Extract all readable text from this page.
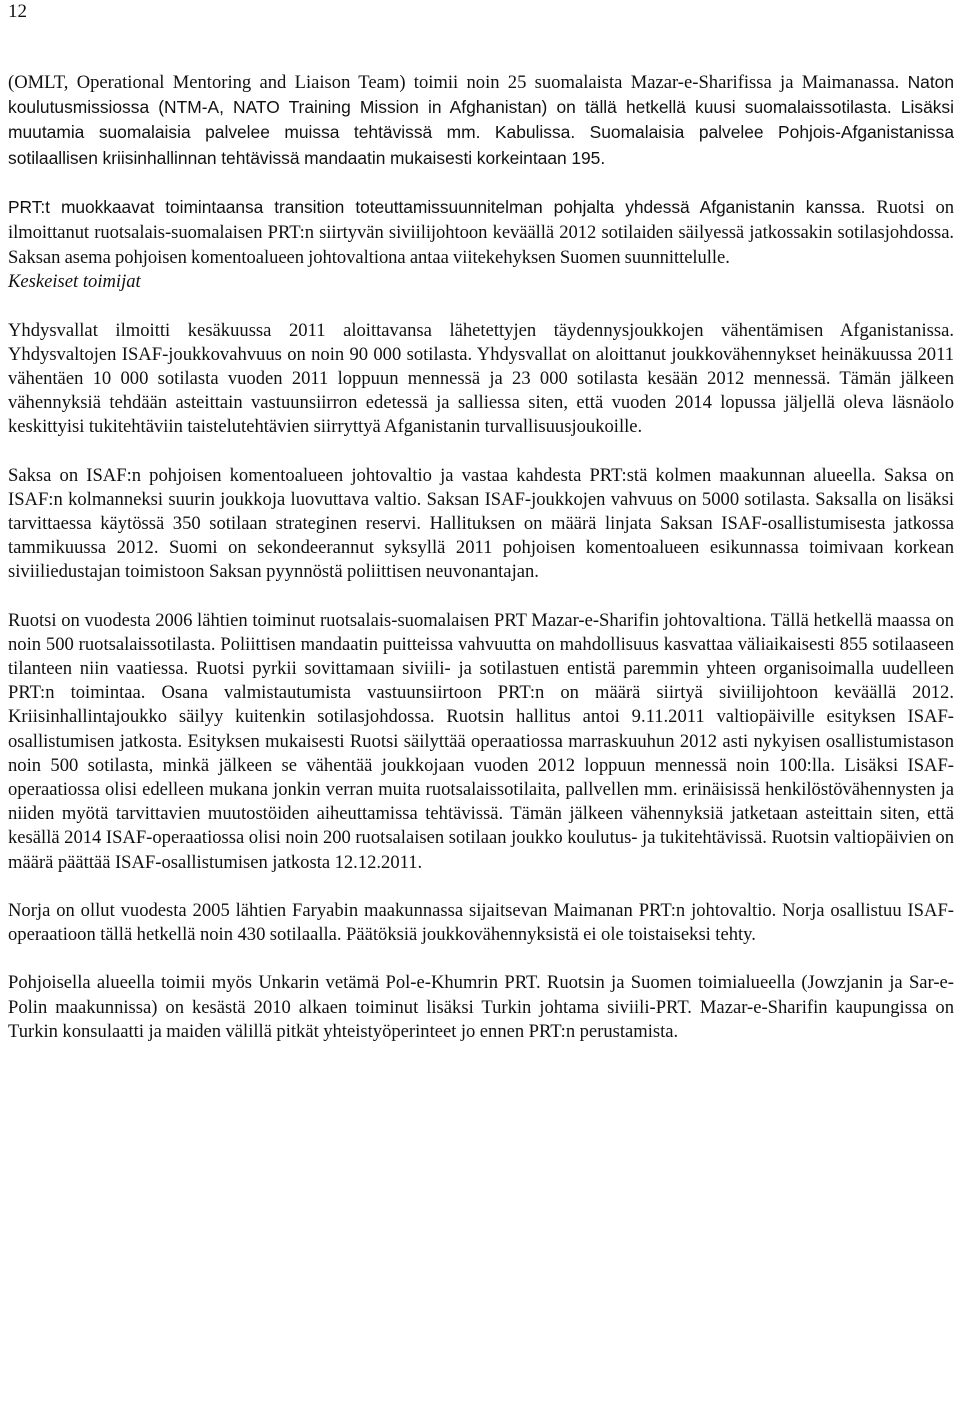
12

(OMLT, Operational Mentoring and Liaison Team) toimii noin 25 suomalaista Mazar-e-Sharifissa ja Maimanassa. Naton koulutusmissiossa (NTM-A, NATO Training Mission in Afghanistan) on tällä hetkellä kuusi suomalaissotilasta. Lisäksi muutamia suomalaisia palvelee muissa tehtävissä mm. Kabulissa. Suomalaisia palvelee Pohjois-Afganistanissa sotilaallisen kriisinhallinnan tehtävissä mandaatin mukaisesti korkeintaan 195.

PRT:t muokkaavat toimintaansa transition toteuttamissuunnitelman pohjalta yhdessä Afganistanin kanssa. Ruotsi on ilmoittanut ruotsalais-suomalaisen PRT:n siirtyvän siviilijohtoon keväällä 2012 sotilaiden säilyessä jatkossakin sotilasjohdossa. Saksan asema pohjoisen komentoalueen johtovaltiona antaa viitekehyksen Suomen suunnittelulle.

Keskeiset toimijat

Yhdysvallat ilmoitti kesäkuussa 2011 aloittavansa lähetettyjen täydennysjoukkojen vähentämisen Afganistanissa. Yhdysvaltojen ISAF-joukkovahvuus on noin 90 000 sotilasta. Yhdysvallat on aloittanut joukkovähennykset heinäkuussa 2011 vähentäen 10 000 sotilasta vuoden 2011 loppuun mennessä ja 23 000 sotilasta kesään 2012 mennessä. Tämän jälkeen vähennyksiä tehdään asteittain vastuunsiirron edetessä ja salliessa siten, että vuoden 2014 lopussa jäljellä oleva läsnäolo keskittyisi tukitehtäviin taistelutehtävien siirryttyä Afganistanin turvallisuusjoukoille.

Saksa on ISAF:n pohjoisen komentoalueen johtovaltio ja vastaa kahdesta PRT:stä kolmen maakunnan alueella. Saksa on ISAF:n kolmanneksi suurin joukkoja luovuttava valtio. Saksan ISAF-joukkojen vahvuus on 5000 sotilasta. Saksalla on lisäksi tarvittaessa käytössä 350 sotilaan strateginen reservi. Hallituksen on määrä linjata Saksan ISAF-osallistumisesta jatkossa tammikuussa 2012. Suomi on sekondeerannut syksyllä 2011 pohjoisen komentoalueen esikunnassa toimivaan korkean siviiliedustajan toimistoon Saksan pyynnöstä poliittisen neuvonantajan.

Ruotsi on vuodesta 2006 lähtien toiminut ruotsalais-suomalaisen PRT Mazar-e-Sharifin johtovaltiona. Tällä hetkellä maassa on noin 500 ruotsalaissotilasta. Poliittisen mandaatin puitteissa vahvuutta on mahdollisuus kasvattaa väliaikaisesti 855 sotilaaseen tilanteen niin vaatiessa. Ruotsi pyrkii sovittamaan siviili- ja sotilastuen entistä paremmin yhteen organisoimalla uudelleen PRT:n toimintaa. Osana valmistautumista vastuunsiirtoon PRT:n on määrä siirtyä siviilijohtoon keväällä 2012. Kriisinhallintajoukko säilyy kuitenkin sotilasjohdossa. Ruotsin hallitus antoi 9.11.2011 valtiopäiville esityksen ISAF-osallistumisen jatkosta. Esityksen mukaisesti Ruotsi säilyttää operaatiossa marraskuuhun 2012 asti nykyisen osallistumistason noin 500 sotilasta, minkä jälkeen se vähentää joukkojaan vuoden 2012 loppuun mennessä noin 100:lla. Lisäksi ISAF-operaatiossa olisi edelleen mukana jonkin verran muita ruotsalaissotilaita, pallvellen mm. erinäisissä henkilöstövähennysten ja niiden myötä tarvittavien muutostöiden aiheuttamissa tehtävissä. Tämän jälkeen vähennyksiä jatketaan asteittain siten, että kesällä 2014 ISAF-operaatiossa olisi noin 200 ruotsalaisen sotilaan joukko koulutus- ja tukitehtävissä. Ruotsin valtiopäivien on määrä päättää ISAF-osallistumisen jatkosta 12.12.2011.

Norja on ollut vuodesta 2005 lähtien Faryabin maakunnassa sijaitsevan Maimanan PRT:n johtovaltio. Norja osallistuu ISAF-operaatioon tällä hetkellä noin 430 sotilaalla. Päätöksiä joukkovähennyksistä ei ole toistaiseksi tehty.

Pohjoisella alueella toimii myös Unkarin vetämä Pol-e-Khumrin PRT. Ruotsin ja Suomen toimialueella (Jowzjanin ja Sar-e-Polin maakunnissa) on kesästä 2010 alkaen toiminut lisäksi Turkin johtama siviili-PRT. Mazar-e-Sharifin kaupungissa on Turkin konsulaatti ja maiden välillä pitkät yhteistyöperinteet jo ennen PRT:n perustamista.
